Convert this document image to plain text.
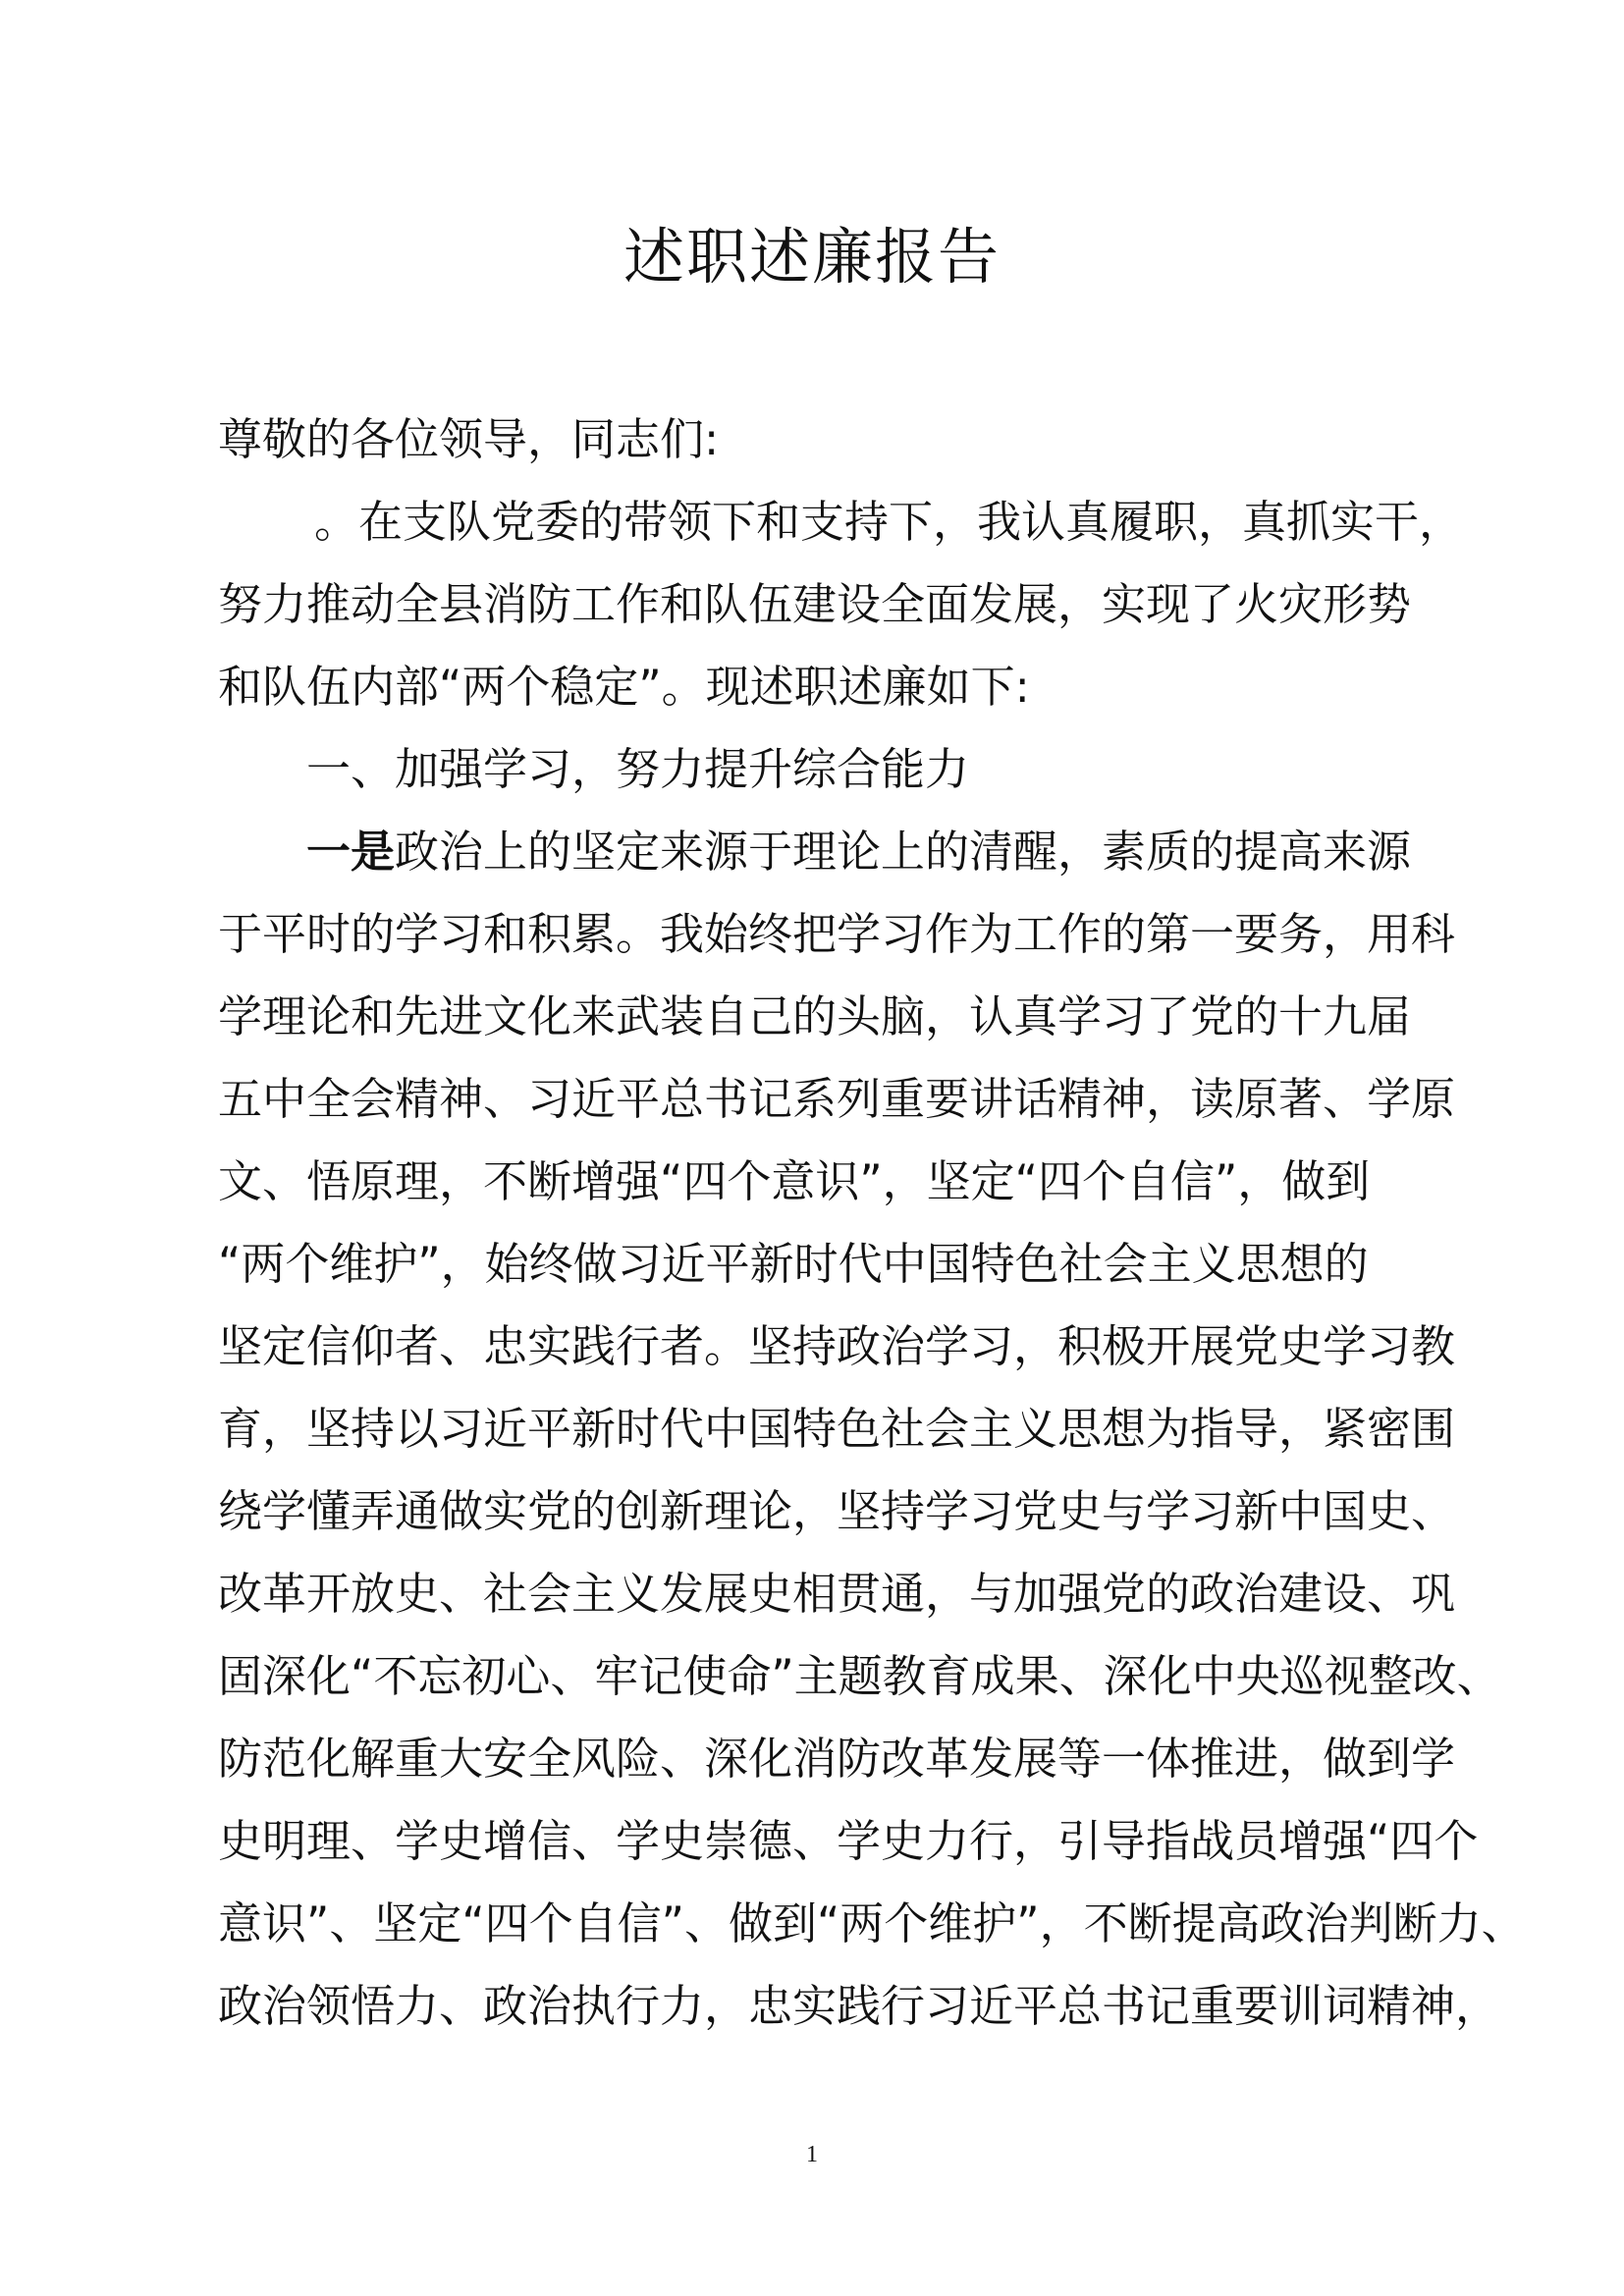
述职述廉报告

尊敬的各位领导，同志们:

。在支队党委的带领下和支持下，我认真履职，真抓实干，

努力推动全县消防工作和队伍建设全面发展，实现了火灾形势

和队伍内部“两个稳定”。现述职述廉如下:

一、加强学习，努力提升综合能力

一是政治上的坚定来源于理论上的清醒，素质的提高来源

于平时的学习和积累。我始终把学习作为工作的第一要务，用科

学理论和先进文化来武装自己的头脑，认真学习了党的十九届

五中全会精神、习近平总书记系列重要讲话精神，读原著、学原

文、悟原理，不断增强“四个意识”，坚定“四个自信”，做到

“两个维护”，始终做习近平新时代中国特色社会主义思想的

坚定信仰者、忠实践行者。坚持政治学习，积极开展党史学习教

育，坚持以习近平新时代中国特色社会主义思想为指导，紧密围

绕学懂弄通做实党的创新理论，坚持学习党史与学习新中国史、

改革开放史、社会主义发展史相贯通，与加强党的政治建设、巩

固深化“不忘初心、牢记使命”主题教育成果、深化中央巡视整改、

防范化解重大安全风险、深化消防改革发展等一体推进，做到学

史明理、学史增信、学史崇德、学史力行，引导指战员增强“四个

意识”、坚定“四个自信”、做到“两个维护”，不断提高政治判断力、

政治领悟力、政治执行力，忠实践行习近平总书记重要训词精神，

1
